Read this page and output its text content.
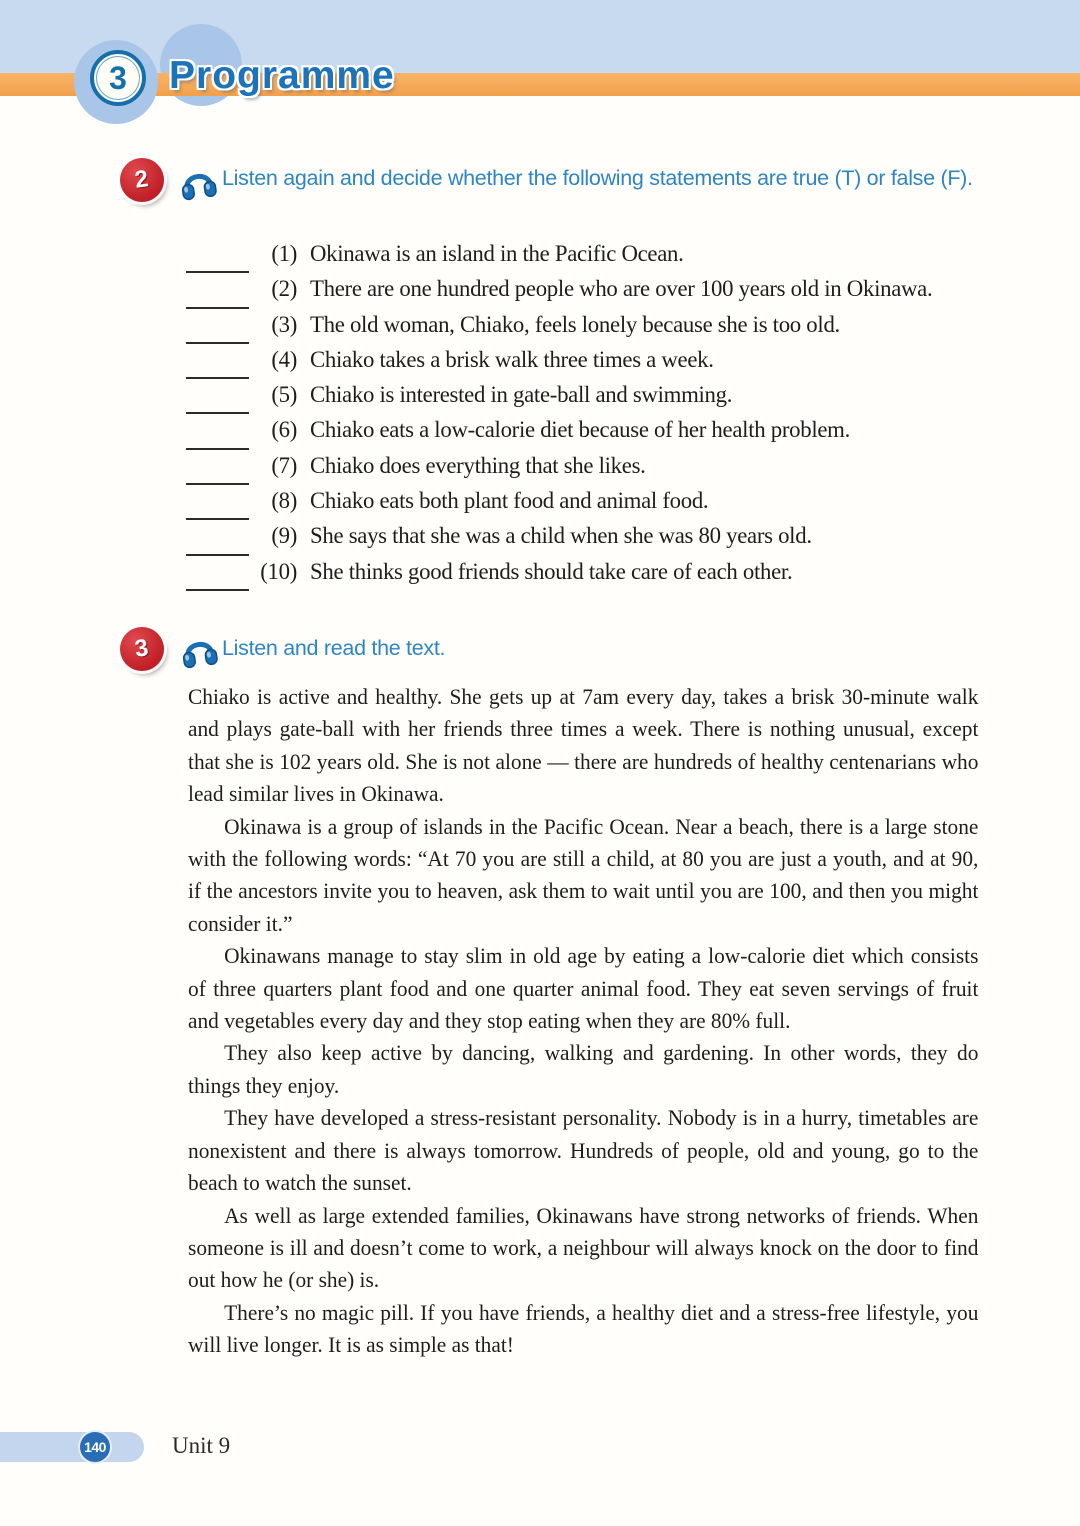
3 Programme
2	Listen again and decide whether the following statements are true (T) or false (F).
(1) Okinawa is an island in the Pacific Ocean.
(2) There are one hundred people who are over 100 years old in Okinawa.
(3) The old woman, Chiako, feels lonely because she is too old.
(4) Chiako takes a brisk walk three times a week.
(5) Chiako is interested in gate-ball and swimming.
(6) Chiako eats a low-calorie diet because of her health problem.
(7) Chiako does everything that she likes.
(8) Chiako eats both plant food and animal food.
(9) She says that she was a child when she was 80 years old.
(10) She thinks good friends should take care of each other.
3	Listen and read the text.

Chiako is active and healthy. She gets up at 7am every day, takes a brisk 30-minute walk and plays gate-ball with her friends three times a week. There is nothing unusual, except that she is 102 years old. She is not alone — there are hundreds of healthy centenarians who lead similar lives in Okinawa.

Okinawa is a group of islands in the Pacific Ocean. Near a beach, there is a large stone with the following words: “At 70 you are still a child, at 80 you are just a youth, and at 90, if the ancestors invite you to heaven, ask them to wait until you are 100, and then you might consider it.”

Okinawans manage to stay slim in old age by eating a low-calorie diet which consists of three quarters plant food and one quarter animal food. They eat seven servings of fruit and vegetables every day and they stop eating when they are 80% full.

They also keep active by dancing, walking and gardening. In other words, they do things they enjoy.

They have developed a stress-resistant personality. Nobody is in a hurry, timetables are nonexistent and there is always tomorrow. Hundreds of people, old and young, go to the beach to watch the sunset.

As well as large extended families, Okinawans have strong networks of friends. When someone is ill and doesn’t come to work, a neighbour will always knock on the door to find out how he (or she) is.

There’s no magic pill. If you have friends, a healthy diet and a stress-free lifestyle, you will live longer. It is as simple as that!

140	Unit 9
